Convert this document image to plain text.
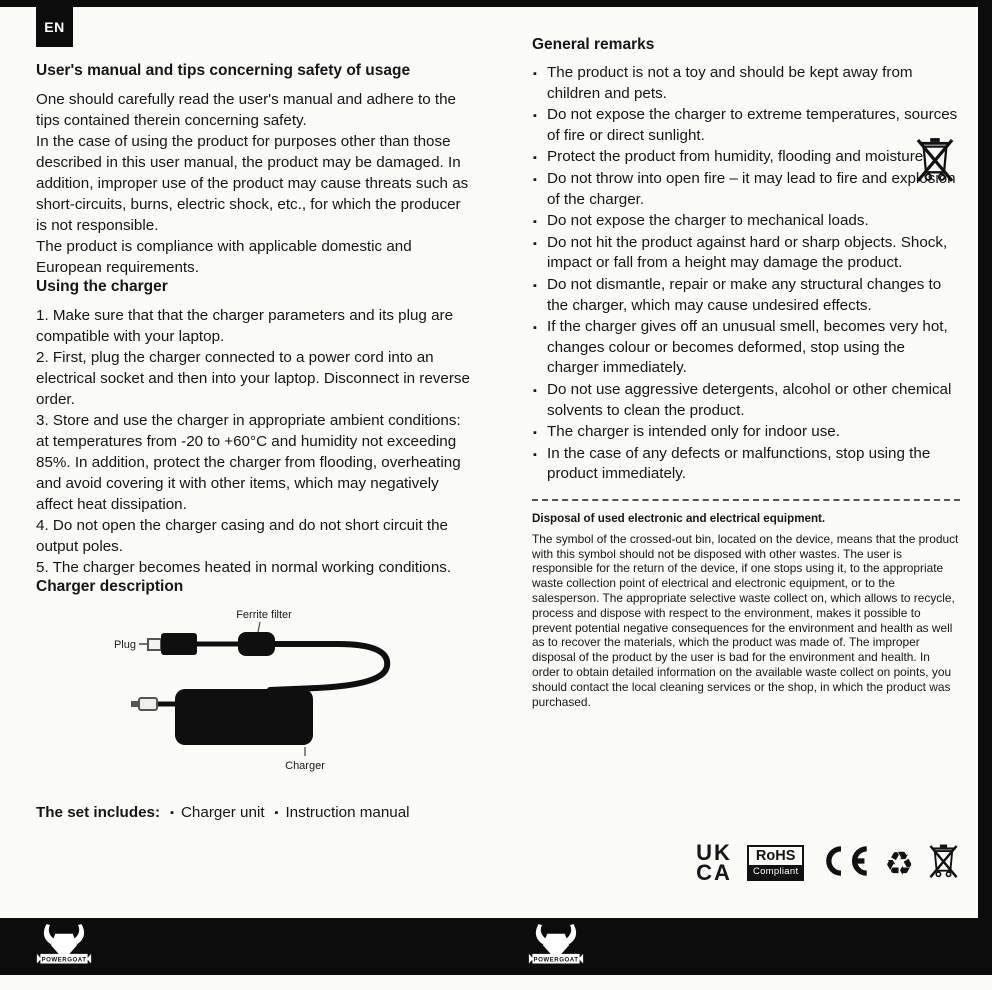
EN
User's manual and tips concerning safety of usage

One should carefully read the user's manual and adhere to the tips contained therein concerning safety.

In the case of using the product for purposes other than those described in this user manual, the product may be damaged. In addition, improper use of the product may cause threats such as short-circuits, burns, electric shock, etc., for which the producer is not responsible.

The product is compliance with applicable domestic and European requirements.

Using the charger

1. Make sure that that the charger parameters and its plug are compatible with your laptop.

2. First, plug the charger connected to a power cord into an electrical socket and then into your laptop. Disconnect in reverse order.

3. Store and use the charger in appropriate ambient conditions: at temperatures from -20 to +60°C and humidity not exceeding 85%. In addition, protect the charger from flooding, overheating and avoid covering it with other items, which may negatively affect heat dissipation.

4. Do not open the charger casing and do not short circuit the output poles.

5. The charger becomes heated in normal working conditions.

Charger description
Ferrite filter
Plug
Charger

The set includes: ▪ Charger unit ▪ Instruction manual

General remarks
▪ The product is not a toy and should be kept away from children and pets.
▪ Do not expose the charger to extreme temperatures, sources of fire or direct sunlight.
▪ Protect the product from humidity, flooding and moisture.
▪ Do not throw into open fire – it may lead to fire and explosion of the charger.
▪ Do not expose the charger to mechanical loads.
▪ Do not hit the product against hard or sharp objects. Shock, impact or fall from a height may damage the product.
▪ Do not dismantle, repair or make any structural changes to the charger, which may cause undesired effects.
▪ If the charger gives off an unusual smell, becomes very hot, changes colour or becomes deformed, stop using the charger immediately.
▪ Do not use aggressive detergents, alcohol or other chemical solvents to clean the product.
▪ The charger is intended only for indoor use.
▪ In the case of any defects or malfunctions, stop using the product immediately.
Disposal of used electronic and electrical equipment.

The symbol of the crossed-out bin, located on the device, means that the product with this symbol should not be disposed with other wastes. The user is responsible for the return of the device, if one stops using it, to the appropriate waste collection point of electrical and electronic equipment, or to the salesperson. The appropriate selective waste collect on, which allows to recycle, process and dispose with respect to the environment, makes it possible to prevent potential negative consequences for the environment and health as well as to recover the materials, which the product was made of. The improper disposal of the product by the user is bad for the environment and health. In order to obtain detailed information on the available waste collect on points, you should contact the local cleaning services or the shop, in which the product was purchased.

UK
CA
RoHS
Compliant	♻
POWERGOAT	POWERGOAT
